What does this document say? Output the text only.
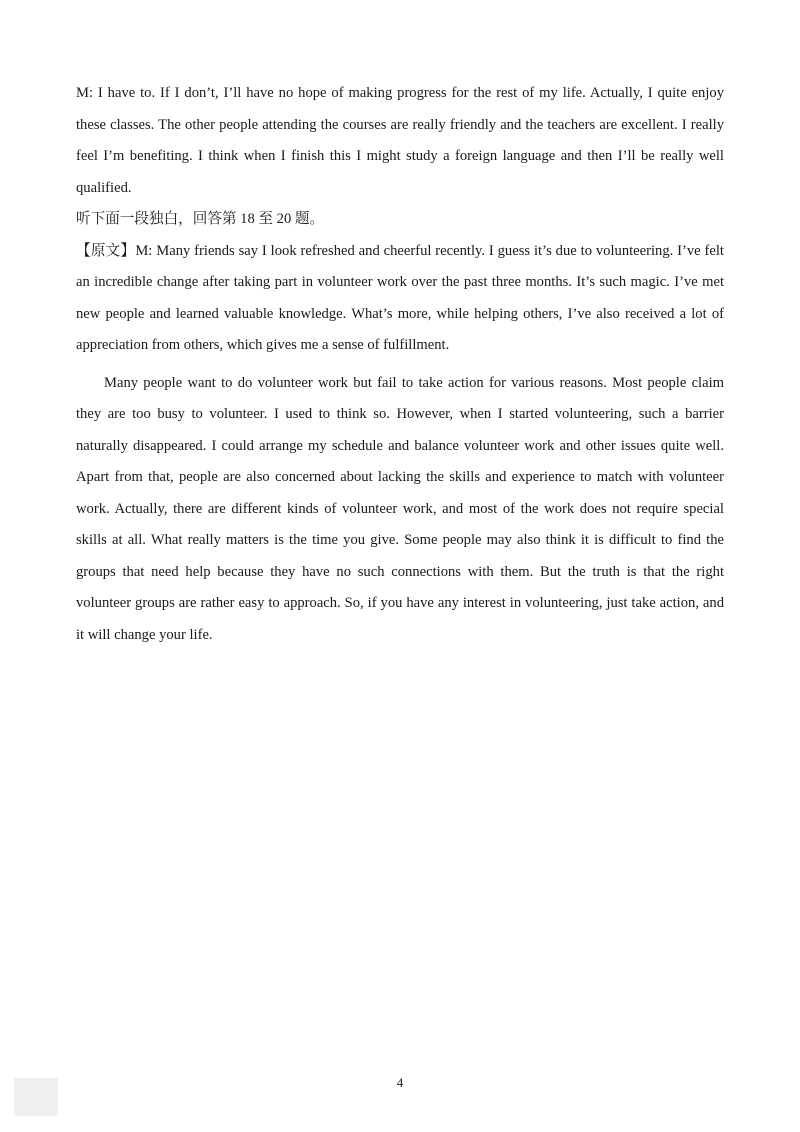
M: I have to. If I don’t, I’ll have no hope of making progress for the rest of my life. Actually, I quite enjoy these classes. The other people attending the courses are really friendly and the teachers are excellent. I really feel I’m benefiting. I think when I finish this I might study a foreign language and then I’ll be really well qualified.

听下面一段独白，回答第 18 至 20 题。

【原文】M: Many friends say I look refreshed and cheerful recently. I guess it’s due to volunteering. I’ve felt an incredible change after taking part in volunteer work over the past three months. It’s such magic. I’ve met new people and learned valuable knowledge. What’s more, while helping others, I’ve also received a lot of appreciation from others, which gives me a sense of fulfillment.

Many people want to do volunteer work but fail to take action for various reasons. Most people claim they are too busy to volunteer. I used to think so. However, when I started volunteering, such a barrier naturally disappeared. I could arrange my schedule and balance volunteer work and other issues quite well. Apart from that, people are also concerned about lacking the skills and experience to match with volunteer work. Actually, there are different kinds of volunteer work, and most of the work does not require special skills at all. What really matters is the time you give. Some people may also think it is difficult to find the groups that need help because they have no such connections with them. But the truth is that the right volunteer groups are rather easy to approach. So, if you have any interest in volunteering, just take action, and it will change your life.

4
